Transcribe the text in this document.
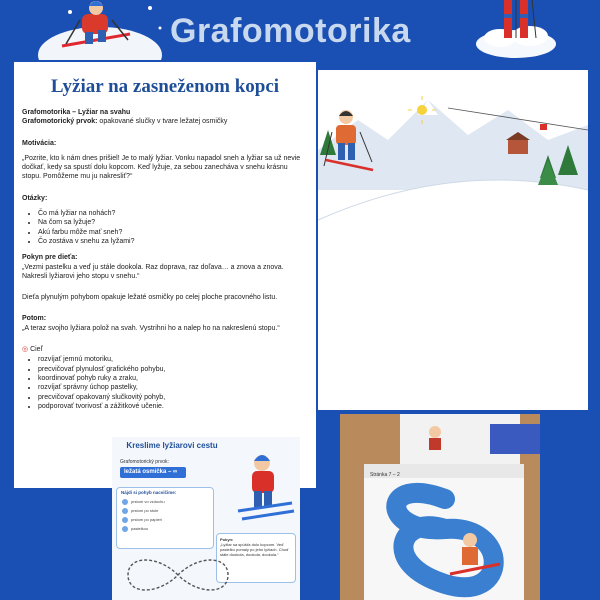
Grafomotorika
Lyžiar na zasneženom kopci

Grafomotorika – Lyžiar na svahu
Grafomotorický prvok: opakované slučky v tvare ležatej osmičky

Motivácia:

„Pozrite, kto k nám dnes prišiel! Je to malý lyžiar. Vonku napadol sneh a lyžiar sa už nevie dočkať, kedy sa spustí dolu kopcom. Keď lyžuje, za sebou zanecháva v snehu krásnu stopu. Pomôžeme mu ju nakresliť?“

Otázky:

• Čo má lyžiar na nohách?
• Na čom sa lyžuje?
• Akú farbu môže mať sneh?
• Čo zostáva v snehu za lyžami?

Pokyn pre dieťa:
„Vezmi pastelku a veď ju stále dookola. Raz doprava, raz doľava… a znova a znova. Nakresli lyžiarovi jeho stopu v snehu.“

Dieťa plynulým pohybom opakuje ležaté osmičky po celej ploche pracovného listu.

Potom:
„A teraz svojho lyžiara polož na svah. Vystrihni ho a nalep ho na nakreslenú stopu.“

◎ Cieľ

• rozvíjať jemnú motoriku,
• precvičovať plynulosť grafického pohybu,
• koordinovať pohyb ruky a zraku,
• rozvíjať správny úchop pastelky,
• precvičovať opakovaný slučkovitý pohyb,
• podporovať tvorivosť a zážitkové učenie.
Kreslime lyžiarovi cestu
Grafomotorický prvok:
ležatá osmička – ∞
Nájdi si pohyb nacvičime:
prstom vo vzduchu
prstom po stole
prstom po papieri
pastelkou
Pokyn:
„Lyžiar sa spúšťa dolu kopcom. Veď pastelku pomaly po jeho lyžiach. Choď stále dookola, dookola, dookola.“
Stránka 7 – 2
